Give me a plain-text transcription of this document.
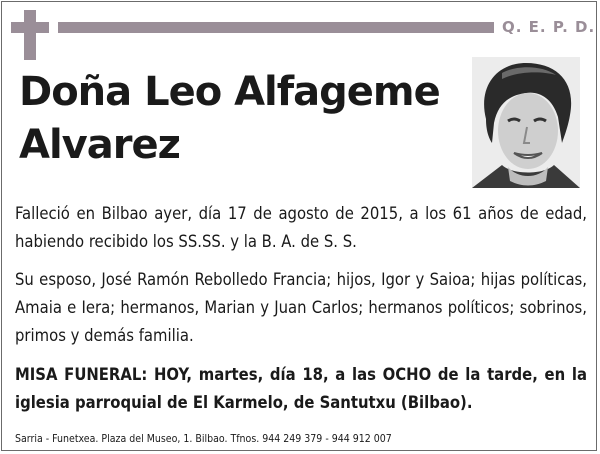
Q. E. P. D.
Doña Leo Alfageme Alvarez
Falleció en Bilbao ayer, día 17 de agosto de 2015, a los 61 años de edad, habiendo recibido los SS.SS. y la B. A. de S. S.
Su esposo, José Ramón Rebolledo Francia; hijos, Igor y Saioa; hijas políticas, Amaia e Iera; hermanos, Marian y Juan Carlos; hermanos políticos; sobrinos, primos y demás familia.
MISA FUNERAL: HOY, martes, día 18, a las OCHO de la tarde, en la iglesia parroquial de El Karmelo, de Santutxu (Bilbao).
Sarria - Funetxea. Plaza del Museo, 1. Bilbao. Tfnos. 944 249 379 - 944 912 007
